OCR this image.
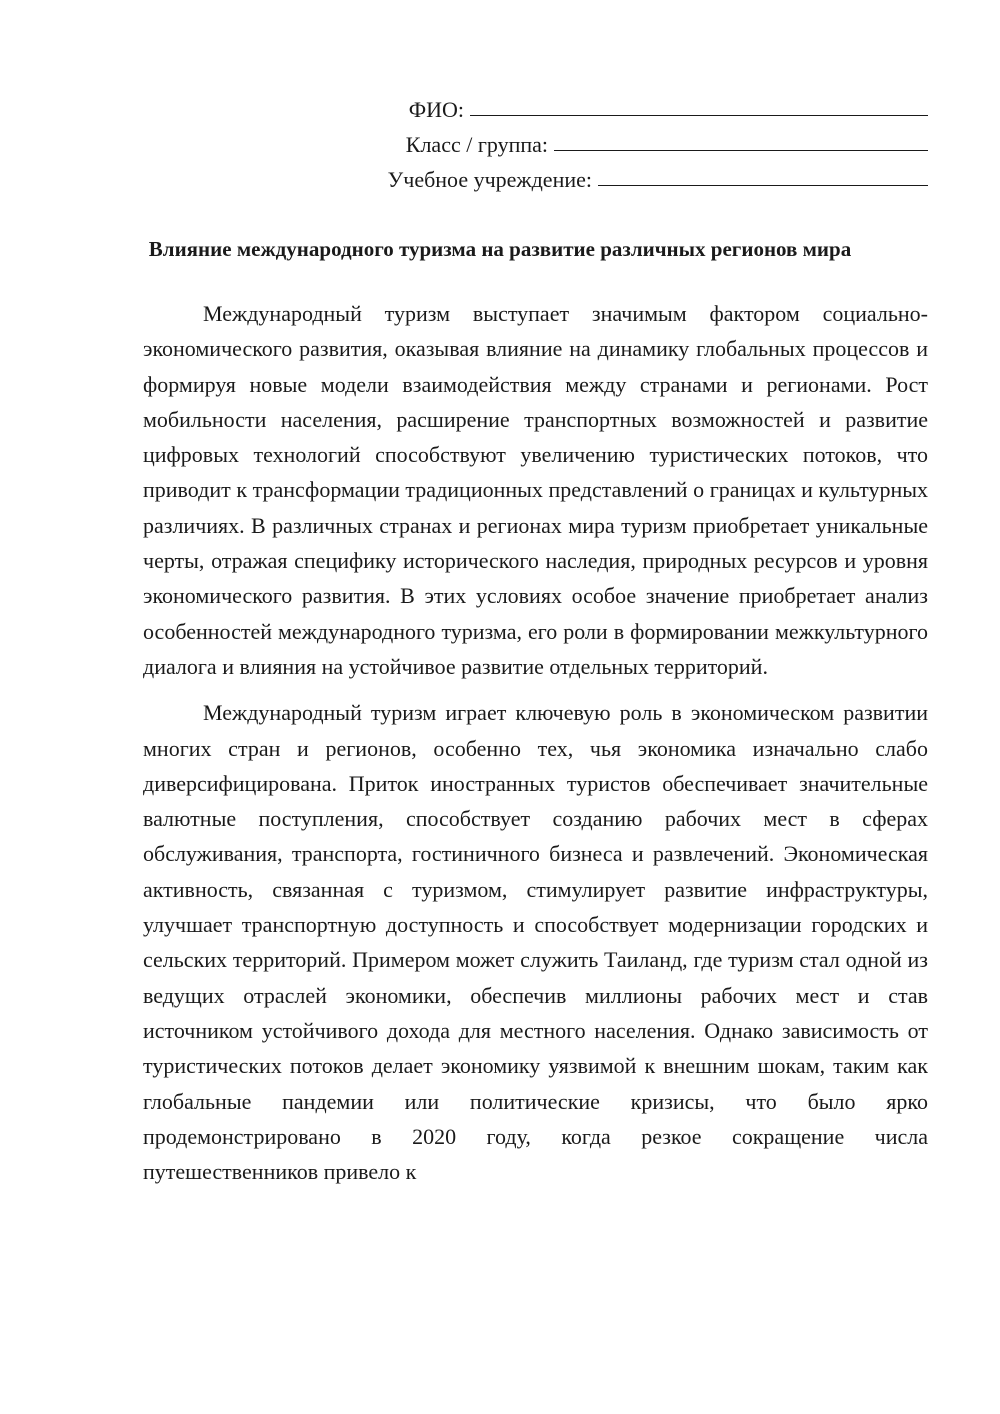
ФИО:
Класс / группа:
Учебное учреждение:
Влияние международного туризма на развитие различных регионов мира

Международный туризм выступает значимым фактором социально-экономического развития, оказывая влияние на динамику глобальных процессов и формируя новые модели взаимодействия между странами и регионами. Рост мобильности населения, расширение транспортных возможностей и развитие цифровых технологий способствуют увеличению туристических потоков, что приводит к трансформации традиционных представлений о границах и культурных различиях. В различных странах и регионах мира туризм приобретает уникальные черты, отражая специфику исторического наследия, природных ресурсов и уровня экономического развития. В этих условиях особое значение приобретает анализ особенностей международного туризма, его роли в формировании межкультурного диалога и влияния на устойчивое развитие отдельных территорий.

Международный туризм играет ключевую роль в экономическом развитии многих стран и регионов, особенно тех, чья экономика изначально слабо диверсифицирована. Приток иностранных туристов обеспечивает значительные валютные поступления, способствует созданию рабочих мест в сферах обслуживания, транспорта, гостиничного бизнеса и развлечений. Экономическая активность, связанная с туризмом, стимулирует развитие инфраструктуры, улучшает транспортную доступность и способствует модернизации городских и сельских территорий. Примером может служить Таиланд, где туризм стал одной из ведущих отраслей экономики, обеспечив миллионы рабочих мест и став источником устойчивого дохода для местного населения. Однако зависимость от туристических потоков делает экономику уязвимой к внешним шокам, таким как глобальные пандемии или политические кризисы, что было ярко продемонстрировано в 2020 году, когда резкое сокращение числа путешественников привело к
